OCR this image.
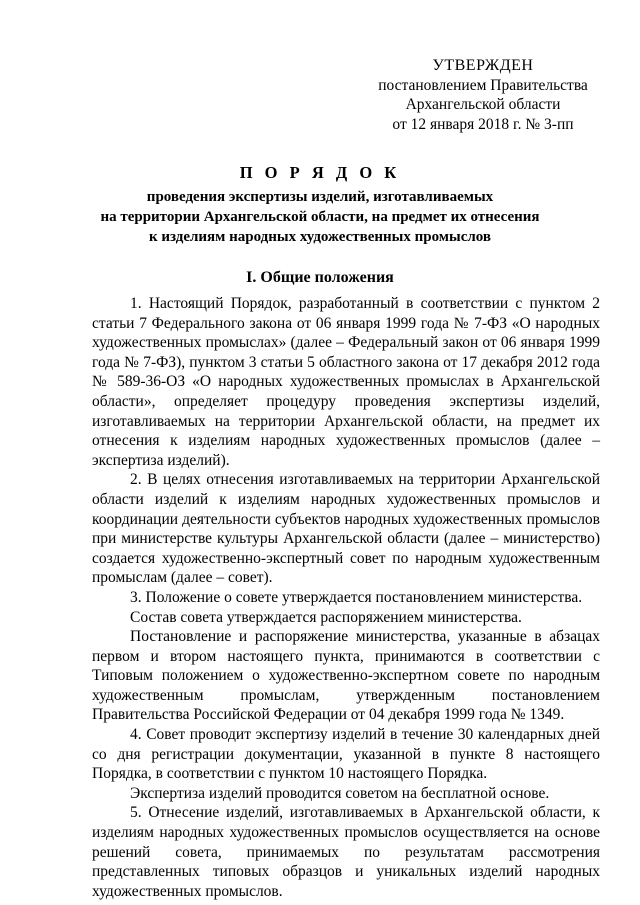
УТВЕРЖДЕН
постановлением Правительства
Архангельской области
от 12 января 2018 г. № 3-пп
П О Р Я Д О К
проведения экспертизы изделий, изготавливаемых
на территории Архангельской области, на предмет их отнесения
к изделиям народных художественных промыслов
I. Общие положения

1. Настоящий Порядок, разработанный в соответствии с пунктом 2 статьи 7 Федерального закона от 06 января 1999 года № 7-ФЗ «О народных художественных промыслах» (далее – Федеральный закон от 06 января 1999 года № 7-ФЗ), пунктом 3 статьи 5 областного закона от 17 декабря 2012 года № 589-36-ОЗ «О народных художественных промыслах в Архангельской области», определяет процедуру проведения экспертизы изделий, изготавливаемых на территории Архангельской области, на предмет их отнесения к изделиям народных художественных промыслов (далее – экспертиза изделий).

2. В целях отнесения изготавливаемых на территории Архангельской области изделий к изделиям народных художественных промыслов и координации деятельности субъектов народных художественных промыслов при министерстве культуры Архангельской области (далее – министерство) создается художественно-экспертный совет по народным художественным промыслам (далее – совет).

3. Положение о совете утверждается постановлением министерства.

Состав совета утверждается распоряжением министерства.

Постановление и распоряжение министерства, указанные в абзацах первом и втором настоящего пункта, принимаются в соответствии с Типовым положением о художественно-экспертном совете по народным художественным промыслам, утвержденным постановлением Правительства Российской Федерации от 04 декабря 1999 года № 1349.

4. Совет проводит экспертизу изделий в течение 30 календарных дней со дня регистрации документации, указанной в пункте 8 настоящего Порядка, в соответствии с пунктом 10 настоящего Порядка.

Экспертиза изделий проводится советом на бесплатной основе.

5. Отнесение изделий, изготавливаемых в Архангельской области, к изделиям народных художественных промыслов осуществляется на основе решений совета, принимаемых по результатам рассмотрения представленных типовых образцов и уникальных изделий народных художественных промыслов.
